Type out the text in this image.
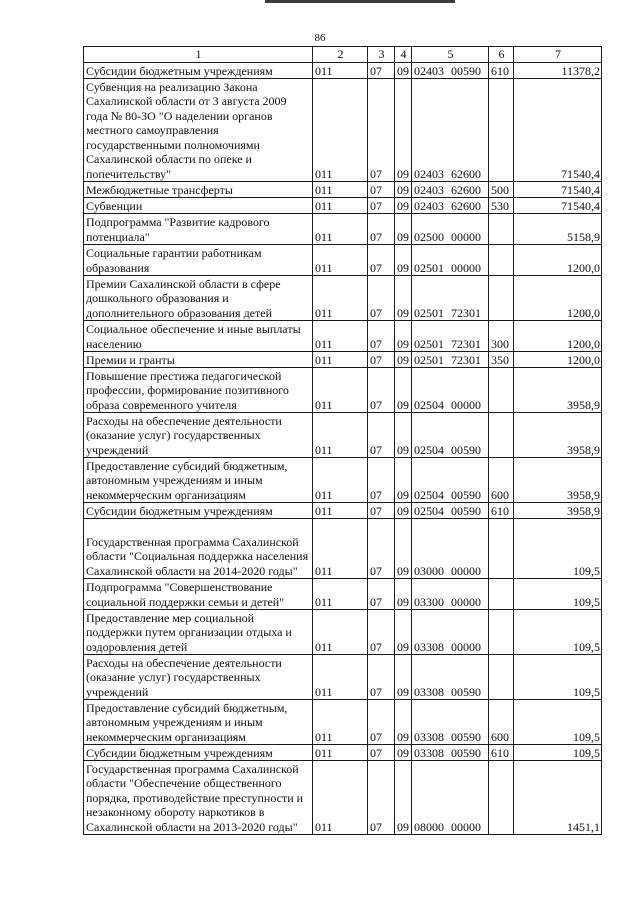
86
1	2	3	4	5	6	7
Субсидии бюджетным учреждениям	011	07	09	02403 00590	610	11378,2
Субвенция на реализацию Закона Сахалинской области от 3 августа 2009 года № 80-ЗО "О наделении органов местного самоуправления государственными полномочиями Сахалинской области по опеке и попечительству"	011	07	09	02403 62600		71540,4
Межбюджетные трансферты	011	07	09	02403 62600	500	71540,4
Субвенции	011	07	09	02403 62600	530	71540,4
Подпрограмма "Развитие кадрового потенциала"	011	07	09	02500 00000		5158,9
Социальные гарантии работникам образования	011	07	09	02501 00000		1200,0
Премии Сахалинской области в сфере дошкольного образования и дополнительного образования детей	011	07	09	02501 72301		1200,0
Социальное обеспечение и иные выплаты населению	011	07	09	02501 72301	300	1200,0
Премии и гранты	011	07	09	02501 72301	350	1200,0
Повышение престижа педагогической профессии, формирование позитивного образа современного учителя	011	07	09	02504 00000		3958,9
Расходы на обеспечение деятельности (оказание услуг) государственных учреждений	011	07	09	02504 00590		3958,9
Предоставление субсидий бюджетным, автономным учреждениям и иным некоммерческим организациям	011	07	09	02504 00590	600	3958,9
Субсидии бюджетным учреждениям	011	07	09	02504 00590	610	3958,9
Государственная программа Сахалинской области "Социальная поддержка населения Сахалинской области на 2014-2020 годы"	011	07	09	03000 00000		109,5
Подпрограмма "Совершенствование социальной поддержки семьи и детей"	011	07	09	03300 00000		109,5
Предоставление мер социальной поддержки путем организации отдыха и оздоровления детей	011	07	09	03308 00000		109,5
Расходы на обеспечение деятельности (оказание услуг) государственных учреждений	011	07	09	03308 00590		109,5
Предоставление субсидий бюджетным, автономным учреждениям и иным некоммерческим организациям	011	07	09	03308 00590	600	109,5
Субсидии бюджетным учреждениям	011	07	09	03308 00590	610	109,5
Государственная программа Сахалинской области "Обеспечение общественного порядка, противодействие преступности и незаконному обороту наркотиков в Сахалинской области на 2013-2020 годы"	011	07	09	08000 00000		1451,1
